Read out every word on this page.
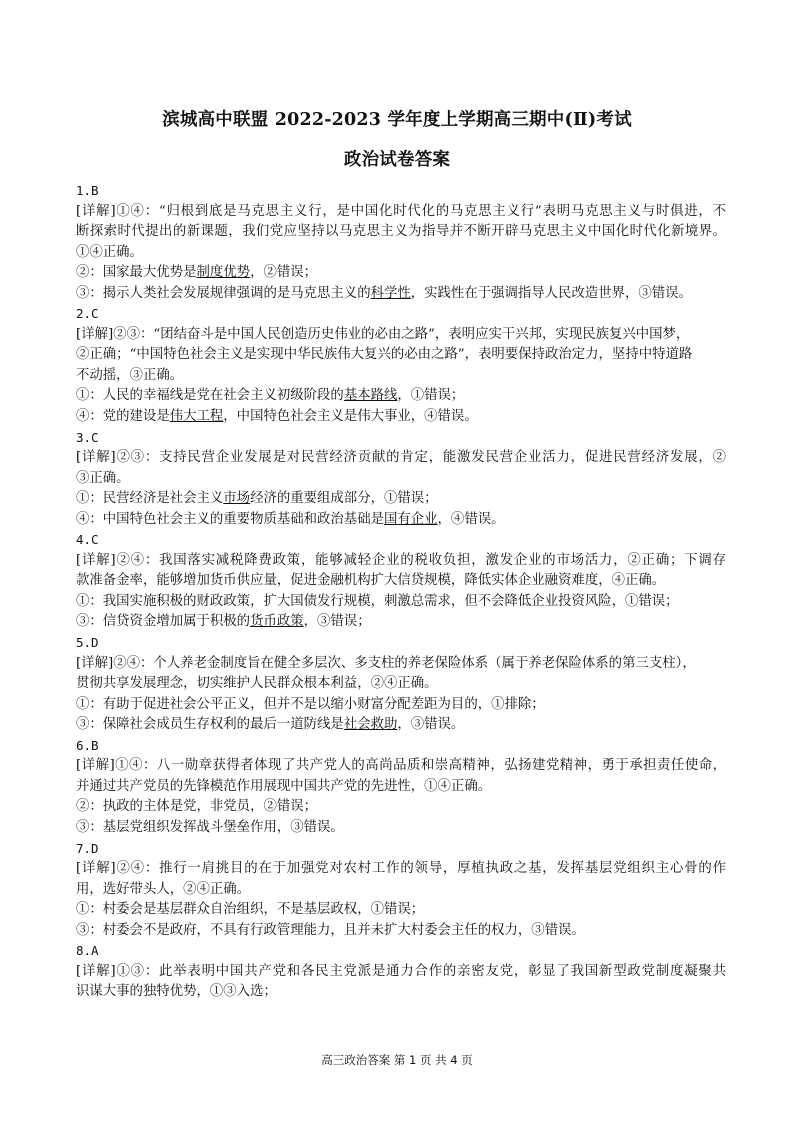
滨城高中联盟 2022-2023 学年度上学期高三期中(Ⅱ)考试
政治试卷答案
1.B
[详解]①④：“归根到底是马克思主义行，是中国化时代化的马克思主义行”表明马克思主义与时俱进，不
断探索时代提出的新课题，我们党应坚持以马克思主义为指导并不断开辟马克思主义中国化时代化新境界。
①④正确。
②：国家最大优势是制度优势，②错误；
③：揭示人类社会发展规律强调的是马克思主义的科学性，实践性在于强调指导人民改造世界，③错误。
2.C
[详解]②③：“团结奋斗是中国人民创造历史伟业的必由之路”，表明应实干兴邦，实现民族复兴中国梦，
②正确；“中国特色社会主义是实现中华民族伟大复兴的必由之路”，表明要保持政治定力，坚持中特道路
不动摇，③正确。
①：人民的幸福线是党在社会主义初级阶段的基本路线，①错误；
④：党的建设是伟大工程，中国特色社会主义是伟大事业，④错误。
3.C
[详解]②③：支持民营企业发展是对民营经济贡献的肯定，能激发民营企业活力，促进民营经济发展，②
③正确。
①：民营经济是社会主义市场经济的重要组成部分，①错误；
④：中国特色社会主义的重要物质基础和政治基础是国有企业，④错误。
4.C
[详解]②④：我国落实减税降费政策，能够减轻企业的税收负担，激发企业的市场活力，②正确；下调存
款准备金率，能够增加货币供应量，促进金融机构扩大信贷规模，降低实体企业融资难度，④正确。
①：我国实施积极的财政政策，扩大国债发行规模，刺激总需求，但不会降低企业投资风险，①错误；
③：信贷资金增加属于积极的货币政策，③错误；
5.D
[详解]②④：个人养老金制度旨在健全多层次、多支柱的养老保险体系（属于养老保险体系的第三支柱），
贯彻共享发展理念，切实维护人民群众根本利益，②④正确。
①：有助于促进社会公平正义，但并不是以缩小财富分配差距为目的，①排除；
③：保障社会成员生存权利的最后一道防线是社会救助，③错误。
6.B
[详解]①④：八一勋章获得者体现了共产党人的高尚品质和崇高精神，弘扬建党精神，勇于承担责任使命，
并通过共产党员的先锋模范作用展现中国共产党的先进性，①④正确。
②：执政的主体是党，非党员，②错误；
③：基层党组织发挥战斗堡垒作用，③错误。
7.D
[详解]②④：推行一肩挑目的在于加强党对农村工作的领导，厚植执政之基，发挥基层党组织主心骨的作
用，选好带头人，②④正确。
①：村委会是基层群众自治组织，不是基层政权，①错误；
③：村委会不是政府，不具有行政管理能力，且并未扩大村委会主任的权力，③错误。
8.A
[详解]①③：此举表明中国共产党和各民主党派是通力合作的亲密友党，彰显了我国新型政党制度凝聚共
识谋大事的独特优势，①③入选；
高三政治答案 第 1 页 共 4 页
